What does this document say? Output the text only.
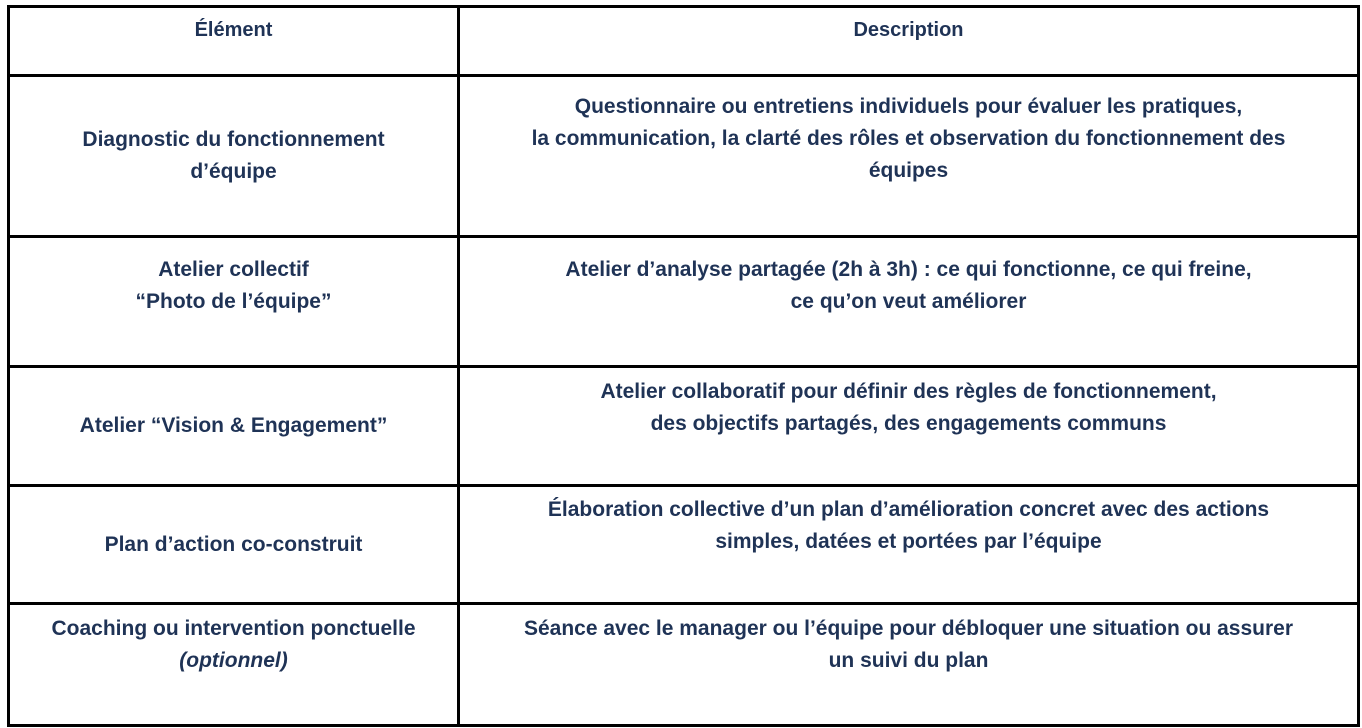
Élément	Description

Diagnostic du fonctionnement
d’équipe	Questionnaire ou entretiens individuels pour évaluer les pratiques,
la communication, la clarté des rôles et observation du fonctionnement des
équipes

Atelier collectif
“Photo de l’équipe”	Atelier d’analyse partagée (2h à 3h) : ce qui fonctionne, ce qui freine,
ce qu’on veut améliorer

Atelier “Vision & Engagement”	Atelier collaboratif pour définir des règles de fonctionnement,
des objectifs partagés, des engagements communs

Plan d’action co-construit	Élaboration collective d’un plan d’amélioration concret avec des actions
simples, datées et portées par l’équipe

Coaching ou intervention ponctuelle
(optionnel)	Séance avec le manager ou l’équipe pour débloquer une situation ou assurer
un suivi du plan
